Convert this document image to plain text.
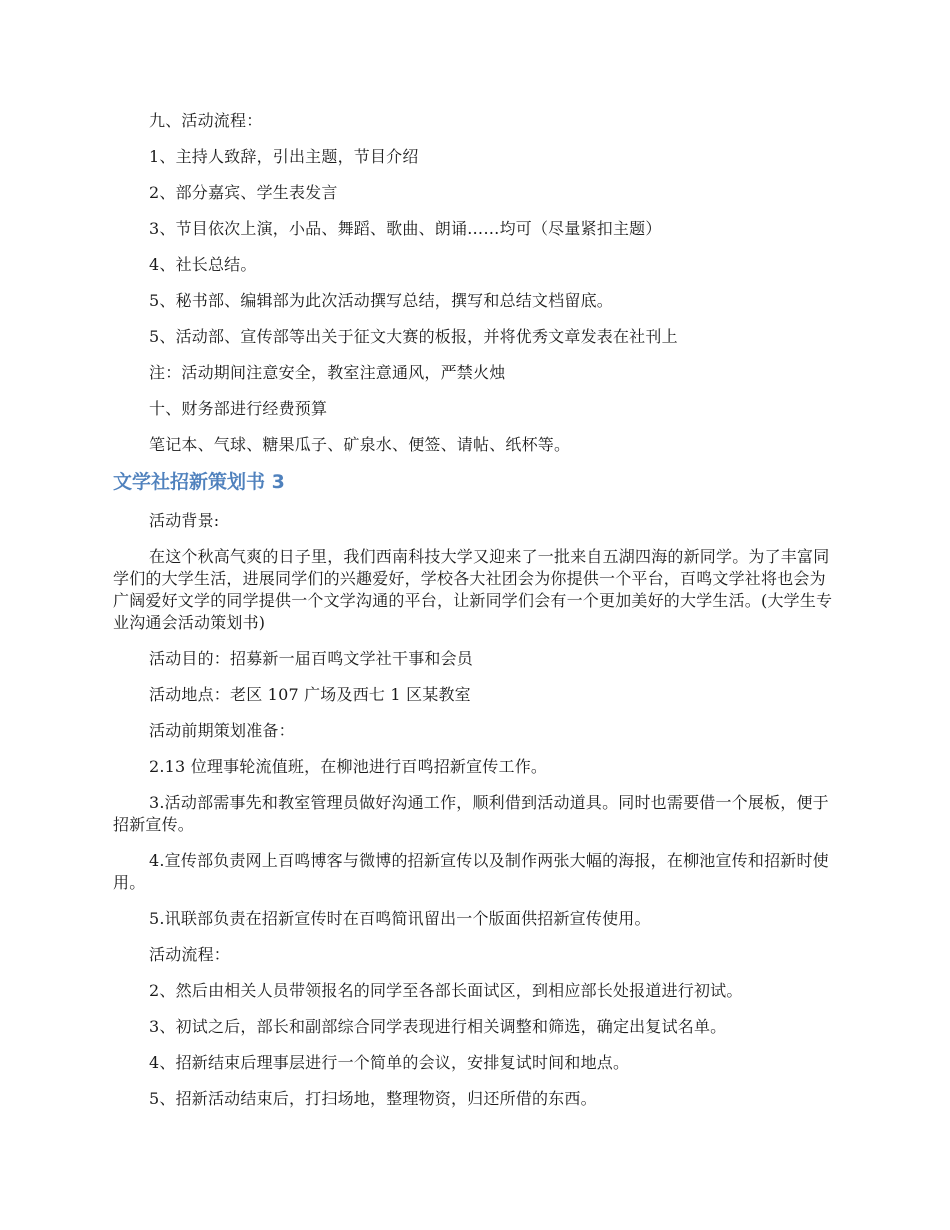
九、活动流程：

1、主持人致辞，引出主题，节目介绍

2、部分嘉宾、学生表发言

3、节目依次上演，小品、舞蹈、歌曲、朗诵……均可（尽量紧扣主题）

4、社长总结。

5、秘书部、编辑部为此次活动撰写总结，撰写和总结文档留底。

5、活动部、宣传部等出关于征文大赛的板报，并将优秀文章发表在社刊上

注：活动期间注意安全，教室注意通风，严禁火烛

十、财务部进行经费预算

笔记本、气球、糖果瓜子、矿泉水、便签、请帖、纸杯等。

文学社招新策划书 3

活动背景:

在这个秋高气爽的日子里，我们西南科技大学又迎来了一批来自五湖四海的新同学。为了丰富同学们的大学生活，进展同学们的兴趣爱好，学校各大社团会为你提供一个平台，百鸣文学社将也会为广阔爱好文学的同学提供一个文学沟通的平台，让新同学们会有一个更加美好的大学生活。(大学生专业沟通会活动策划书)

活动目的：招募新一届百鸣文学社干事和会员

活动地点：老区 107 广场及西七 1 区某教室

活动前期策划准备：

2.13 位理事轮流值班，在柳池进行百鸣招新宣传工作。

3.活动部需事先和教室管理员做好沟通工作，顺利借到活动道具。同时也需要借一个展板，便于招新宣传。

4.宣传部负责网上百鸣博客与微博的招新宣传以及制作两张大幅的海报，在柳池宣传和招新时使用。

5.讯联部负责在招新宣传时在百鸣简讯留出一个版面供招新宣传使用。

活动流程：

2、然后由相关人员带领报名的同学至各部长面试区，到相应部长处报道进行初试。

3、初试之后，部长和副部综合同学表现进行相关调整和筛选，确定出复试名单。

4、招新结束后理事层进行一个简单的会议，安排复试时间和地点。

5、招新活动结束后，打扫场地，整理物资，归还所借的东西。
